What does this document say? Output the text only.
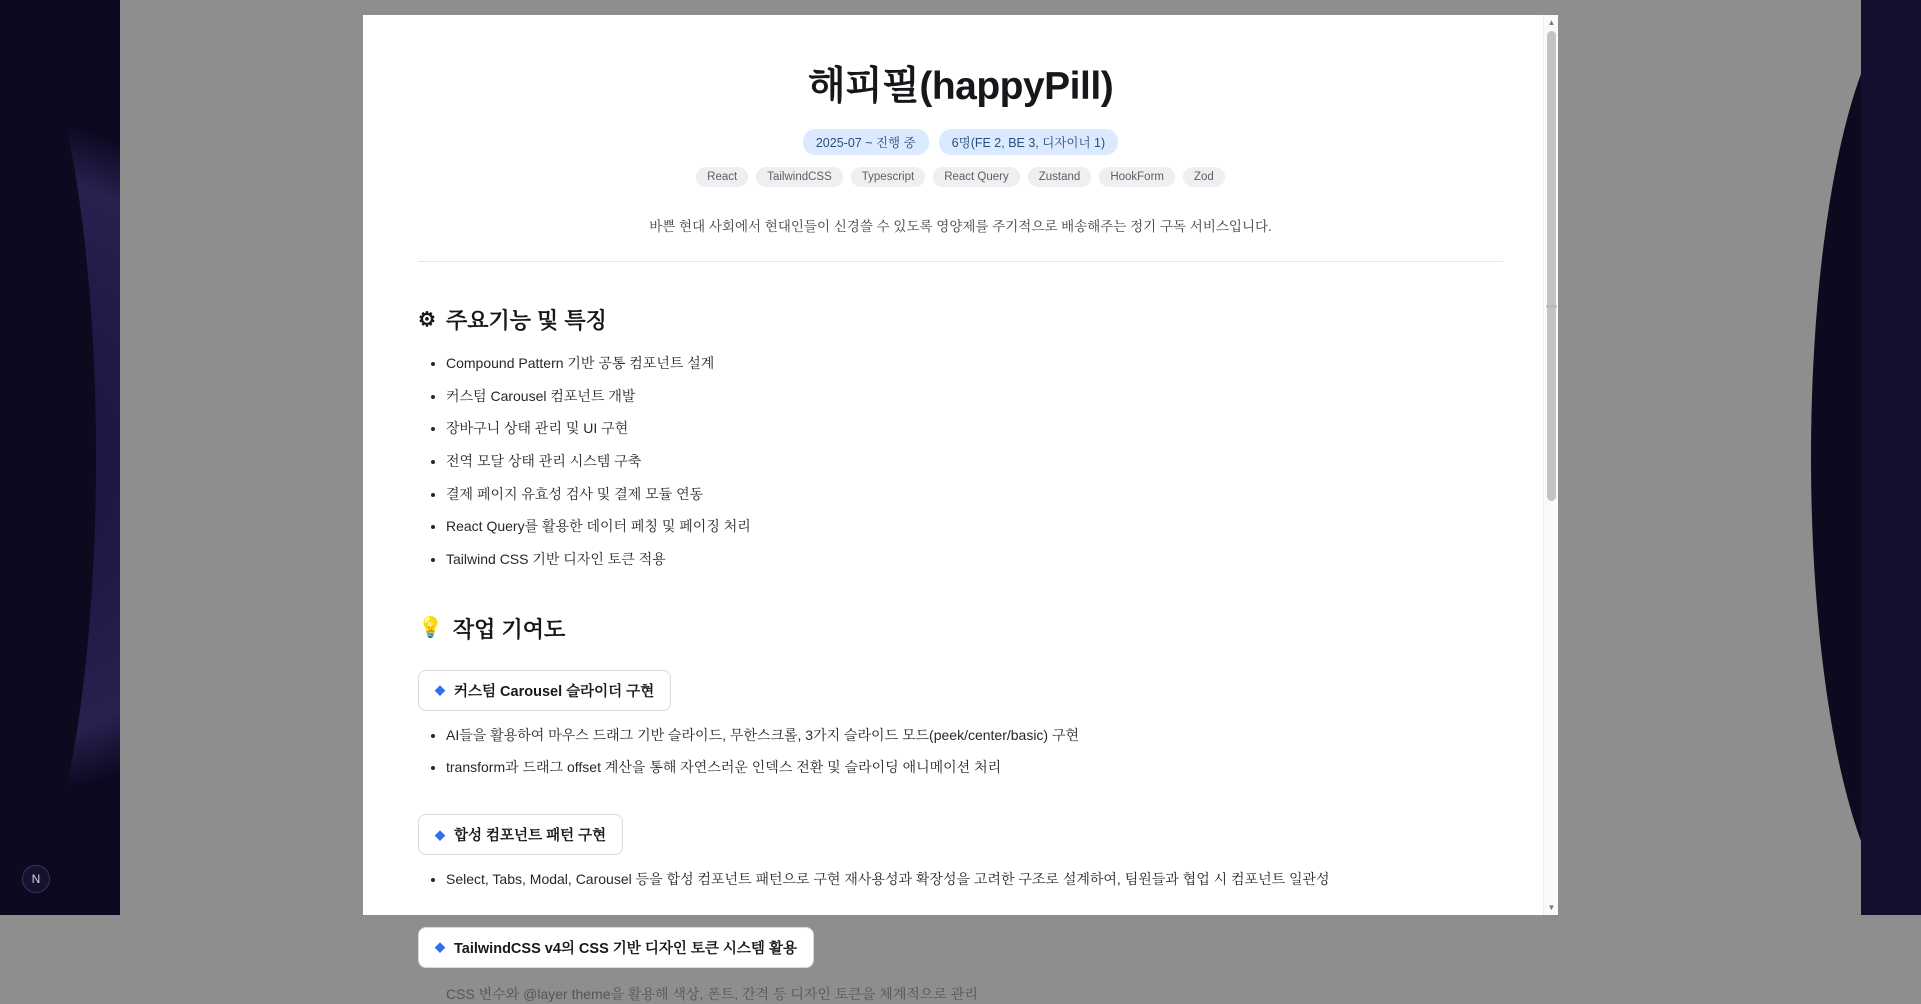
N
해피필(happyPill)
2025-07 ~ 진행 중	6명(FE 2, BE 3, 디자이너 1)
React	TailwindCSS	Typescript	React Query	Zustand	HookForm	Zod

바쁜 현대 사회에서 현대인들이 신경쓸 수 있도록 영양제를 주기적으로 배송해주는 정기 구독 서비스입니다.

⚙ 주요기능 및 특징
• Compound Pattern 기반 공통 컴포넌트 설계
• 커스텀 Carousel 컴포넌트 개발
• 장바구니 상태 관리 및 UI 구현
• 전역 모달 상태 관리 시스템 구축
• 결제 페이지 유효성 검사 및 결제 모듈 연동
• React Query를 활용한 데이터 페칭 및 페이징 처리
• Tailwind CSS 기반 디자인 토큰 적용
💡 작업 기여도
◆ 커스텀 Carousel 슬라이더 구현
• AI들을 활용하여 마우스 드래그 기반 슬라이드, 무한스크롤, 3가지 슬라이드 모드(peek/center/basic) 구현
• transform과 드래그 offset 계산을 통해 자연스러운 인덱스 전환 및 슬라이딩 애니메이션 처리
◆ 합성 컴포넌트 패턴 구현
• Select, Tabs, Modal, Carousel 등을 합성 컴포넌트 패턴으로 구현 재사용성과 확장성을 고려한 구조로 설계하여, 팀원들과 협업 시 컴포넌트 일관성
◆ TailwindCSS v4의 CSS 기반 디자인 토큰 시스템 활용
CSS 변수와 @layer theme을 활용해 색상, 폰트, 간격 등 디자인 토큰을 체계적으로 관리
▲
▼
